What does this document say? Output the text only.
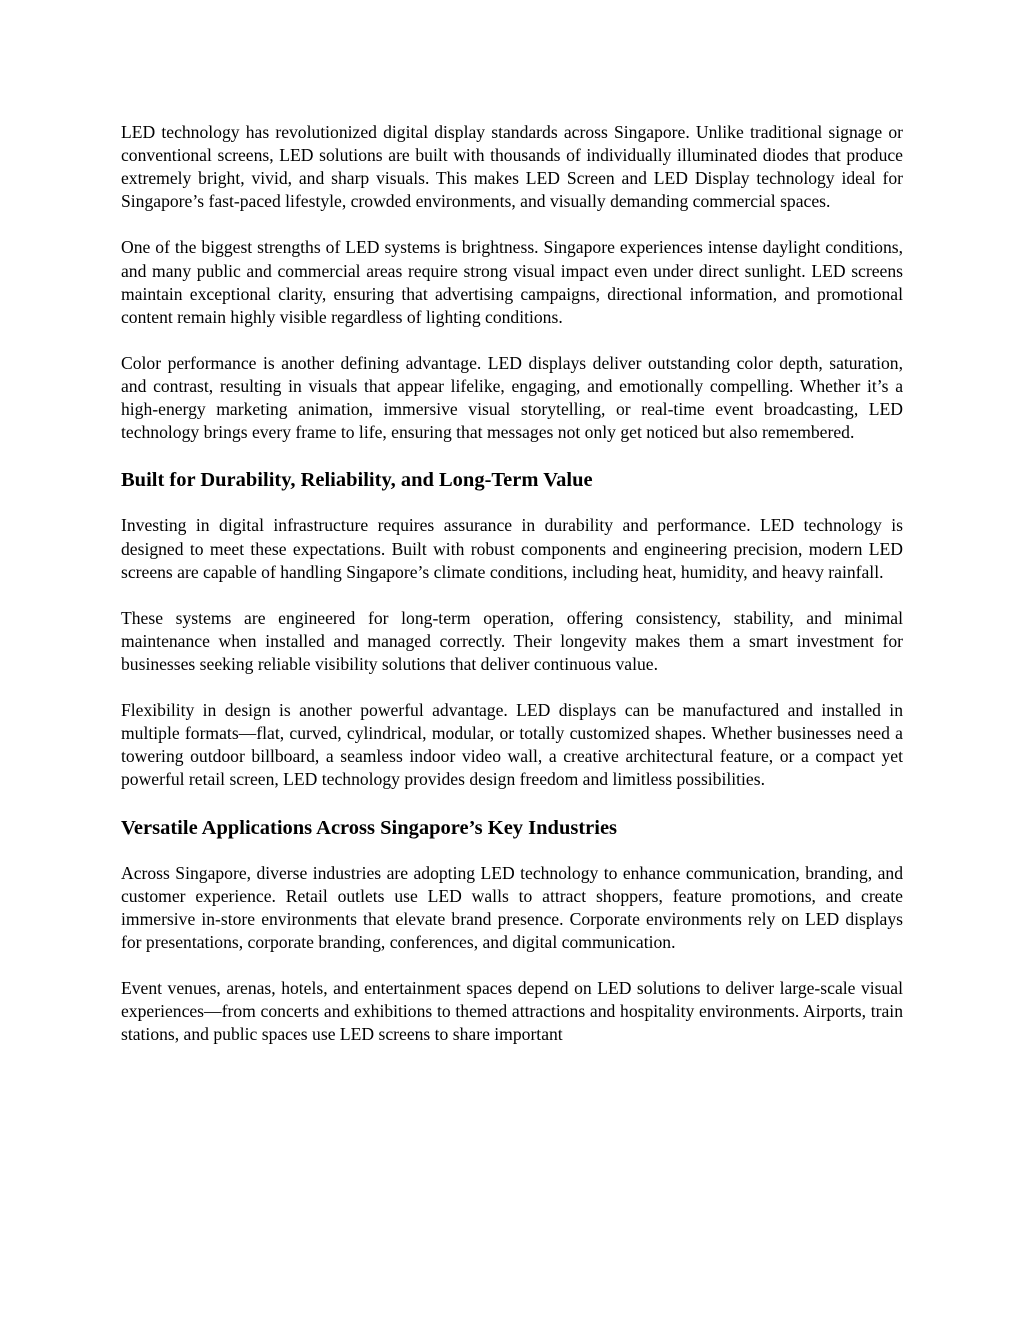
LED technology has revolutionized digital display standards across Singapore. Unlike traditional signage or conventional screens, LED solutions are built with thousands of individually illuminated diodes that produce extremely bright, vivid, and sharp visuals. This makes LED Screen and LED Display technology ideal for Singapore’s fast-paced lifestyle, crowded environments, and visually demanding commercial spaces.

One of the biggest strengths of LED systems is brightness. Singapore experiences intense daylight conditions, and many public and commercial areas require strong visual impact even under direct sunlight. LED screens maintain exceptional clarity, ensuring that advertising campaigns, directional information, and promotional content remain highly visible regardless of lighting conditions.

Color performance is another defining advantage. LED displays deliver outstanding color depth, saturation, and contrast, resulting in visuals that appear lifelike, engaging, and emotionally compelling. Whether it’s a high-energy marketing animation, immersive visual storytelling, or real-time event broadcasting, LED technology brings every frame to life, ensuring that messages not only get noticed but also remembered.

Built for Durability, Reliability, and Long-Term Value

Investing in digital infrastructure requires assurance in durability and performance. LED technology is designed to meet these expectations. Built with robust components and engineering precision, modern LED screens are capable of handling Singapore’s climate conditions, including heat, humidity, and heavy rainfall.

These systems are engineered for long-term operation, offering consistency, stability, and minimal maintenance when installed and managed correctly. Their longevity makes them a smart investment for businesses seeking reliable visibility solutions that deliver continuous value.

Flexibility in design is another powerful advantage. LED displays can be manufactured and installed in multiple formats—flat, curved, cylindrical, modular, or totally customized shapes. Whether businesses need a towering outdoor billboard, a seamless indoor video wall, a creative architectural feature, or a compact yet powerful retail screen, LED technology provides design freedom and limitless possibilities.

Versatile Applications Across Singapore’s Key Industries

Across Singapore, diverse industries are adopting LED technology to enhance communication, branding, and customer experience. Retail outlets use LED walls to attract shoppers, feature promotions, and create immersive in-store environments that elevate brand presence. Corporate environments rely on LED displays for presentations, corporate branding, conferences, and digital communication.

Event venues, arenas, hotels, and entertainment spaces depend on LED solutions to deliver large-scale visual experiences—from concerts and exhibitions to themed attractions and hospitality environments. Airports, train stations, and public spaces use LED screens to share important
